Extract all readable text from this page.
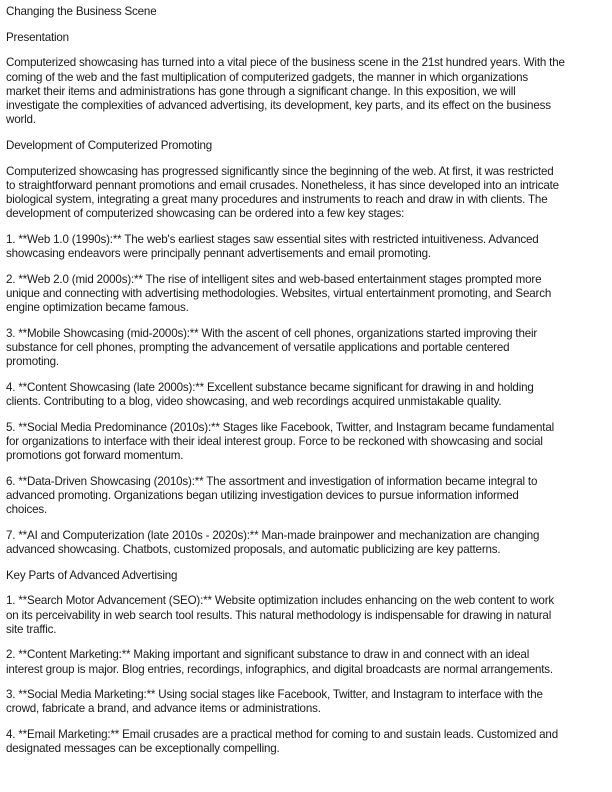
Changing the Business Scene
Presentation
Computerized showcasing has turned into a vital piece of the business scene in the 21st hundred years. With the
coming of the web and the fast multiplication of computerized gadgets, the manner in which organizations
market their items and administrations has gone through a significant change. In this exposition, we will
investigate the complexities of advanced advertising, its development, key parts, and its effect on the business
world.
Development of Computerized Promoting
Computerized showcasing has progressed significantly since the beginning of the web. At first, it was restricted
to straightforward pennant promotions and email crusades. Nonetheless, it has since developed into an intricate
biological system, integrating a great many procedures and instruments to reach and draw in with clients. The
development of computerized showcasing can be ordered into a few key stages:
1. **Web 1.0 (1990s):** The web's earliest stages saw essential sites with restricted intuitiveness. Advanced
showcasing endeavors were principally pennant advertisements and email promoting.
2. **Web 2.0 (mid 2000s):** The rise of intelligent sites and web-based entertainment stages prompted more
unique and connecting with advertising methodologies. Websites, virtual entertainment promoting, and Search
engine optimization became famous.
3. **Mobile Showcasing (mid-2000s):** With the ascent of cell phones, organizations started improving their
substance for cell phones, prompting the advancement of versatile applications and portable centered
promoting.
4. **Content Showcasing (late 2000s):** Excellent substance became significant for drawing in and holding
clients. Contributing to a blog, video showcasing, and web recordings acquired unmistakable quality.
5. **Social Media Predominance (2010s):** Stages like Facebook, Twitter, and Instagram became fundamental
for organizations to interface with their ideal interest group. Force to be reckoned with showcasing and social
promotions got forward momentum.
6. **Data-Driven Showcasing (2010s):** The assortment and investigation of information became integral to
advanced promoting. Organizations began utilizing investigation devices to pursue information informed
choices.
7. **AI and Computerization (late 2010s - 2020s):** Man-made brainpower and mechanization are changing
advanced showcasing. Chatbots, customized proposals, and automatic publicizing are key patterns.
Key Parts of Advanced Advertising
1. **Search Motor Advancement (SEO):** Website optimization includes enhancing on the web content to work
on its perceivability in web search tool results. This natural methodology is indispensable for drawing in natural
site traffic.
2. **Content Marketing:** Making important and significant substance to draw in and connect with an ideal
interest group is major. Blog entries, recordings, infographics, and digital broadcasts are normal arrangements.
3. **Social Media Marketing:** Using social stages like Facebook, Twitter, and Instagram to interface with the
crowd, fabricate a brand, and advance items or administrations.
4. **Email Marketing:** Email crusades are a practical method for coming to and sustain leads. Customized and
designated messages can be exceptionally compelling.
